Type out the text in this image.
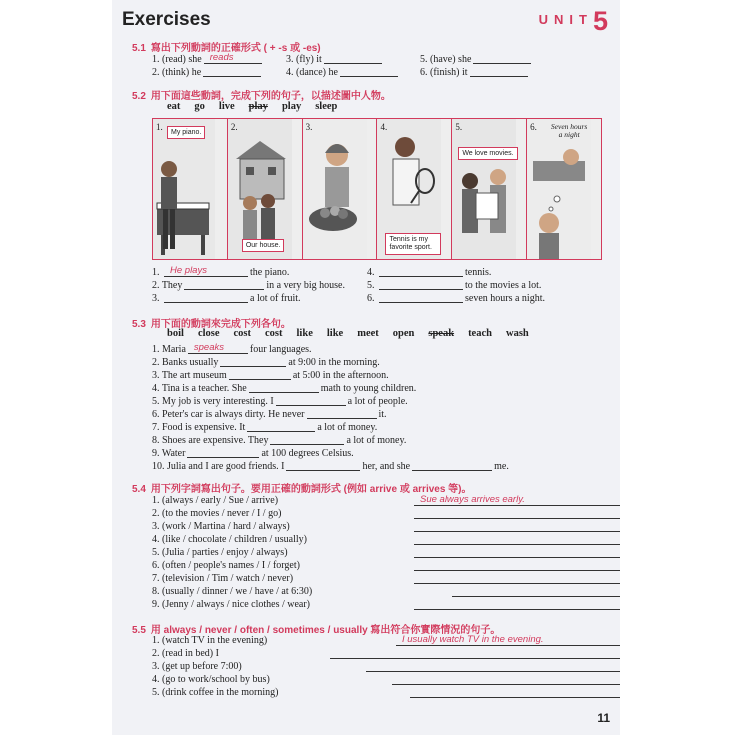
Exercises	$^{UNIT}$5
5.1 寫出下列動詞的正確形式 ( + -s 或 -es)
5.2 用下面這些動詞，完成下列的句子，以描述圖中人物。
eat go live play play sleep
1.
My piano.
2.
Our house.
3.	4.
Tennis is my favorite sport.
5.
We love movies.
6. Seven hours a night
5.3 用下面的動詞來完成下列各句。
boil close cost cost like like meet open speak teach wash
5.4 用下列字詞寫出句子。要用正確的動詞形式 (例如 arrive 或 arrives 等)。
5.5 用 always / never / often / sometimes / usually 寫出符合你實際情況的句子。
11
1. (read) she reads
2. (think) he
3. (fly) it
4. (dance) he
5. (have) she
6. (finish) it
1. He plays	the piano.
2. They	in a very big house.
3.	a lot of fruit.
4.	tennis.
5.	to the movies a lot.
6.	seven hours a night.
1. Maria speaks	four languages.
2. Banks usually	at 9:00 in the morning.
3. The art museum	at 5:00 in the afternoon.
4. Tina is a teacher. She	math to young children.
5. My job is very interesting. I	a lot of people.
6. Peter's car is always dirty. He never	it.
7. Food is expensive. It	a lot of money.
8. Shoes are expensive. They	a lot of money.
9. Water	at 100 degrees Celsius.
10. Julia and I are good friends. I	her, and she	me.
1. (always / early / Sue / arrive)	Sue always arrives early.
2. (to the movies / never / I / go)
3. (work / Martina / hard / always)
4. (like / chocolate / children / usually)
5. (Julia / parties / enjoy / always)
6. (often / people's names / I / forget)
7. (television / Tim / watch / never)
8. (usually / dinner / we / have / at 6:30)
9. (Jenny / always / nice clothes / wear)
1. (watch TV in the evening)	I usually watch TV in the evening.
2. (read in bed) I
3. (get up before 7:00)
4. (go to work/school by bus)
5. (drink coffee in the morning)
